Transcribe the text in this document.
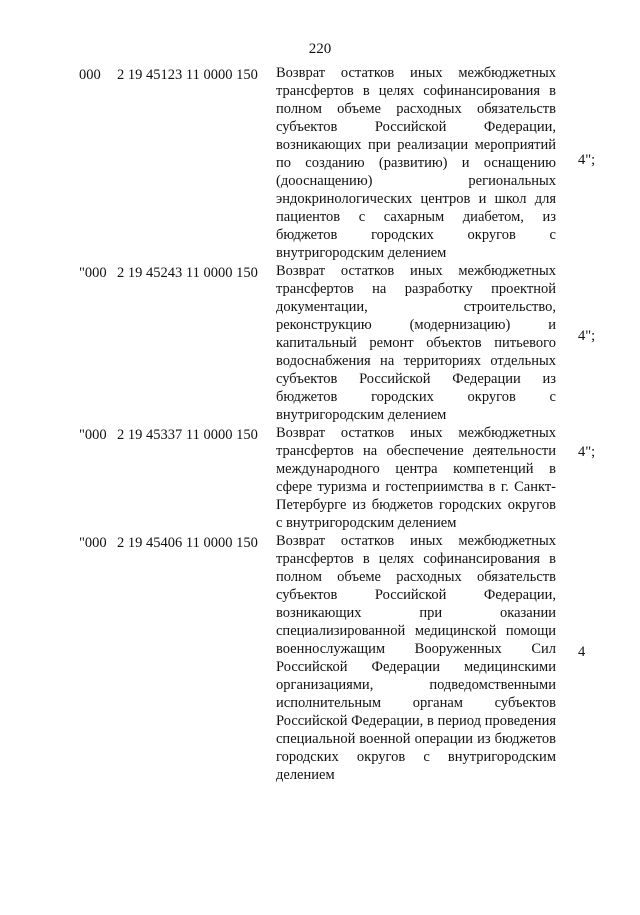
220
000 2 19 45123 11 0000 150 Возврат остатков иных межбюджетных трансфертов в целях софинансирования в полном объеме расходных обязательств субъектов Российской Федерации, возникающих при реализации мероприятий по созданию (развитию) и оснащению (дооснащению) региональных эндокринологических центров и школ для пациентов с сахарным диабетом, из бюджетов городских округов с внутригородским делением
4";
"000 2 19 45243 11 0000 150 Возврат остатков иных межбюджетных трансфертов на разработку проектной документации, строительство, реконструкцию (модернизацию) и капитальный ремонт объектов питьевого водоснабжения на территориях отдельных субъектов Российской Федерации из бюджетов городских округов с внутригородским делением
4";
"000 2 19 45337 11 0000 150 Возврат остатков иных межбюджетных трансфертов на обеспечение деятельности международного центра компетенций в сфере туризма и гостеприимства в г. Санкт-Петербурге из бюджетов городских округов с внутригородским делением
4";
"000 2 19 45406 11 0000 150 Возврат остатков иных межбюджетных трансфертов в целях софинансирования в полном объеме расходных обязательств субъектов Российской Федерации, возникающих при оказании специализированной медицинской помощи военнослужащим Вооруженных Сил Российской Федерации медицинскими организациями, подведомственными исполнительным органам субъектов Российской Федерации, в период проведения специальной военной операции из бюджетов городских округов с внутригородским делением
4
